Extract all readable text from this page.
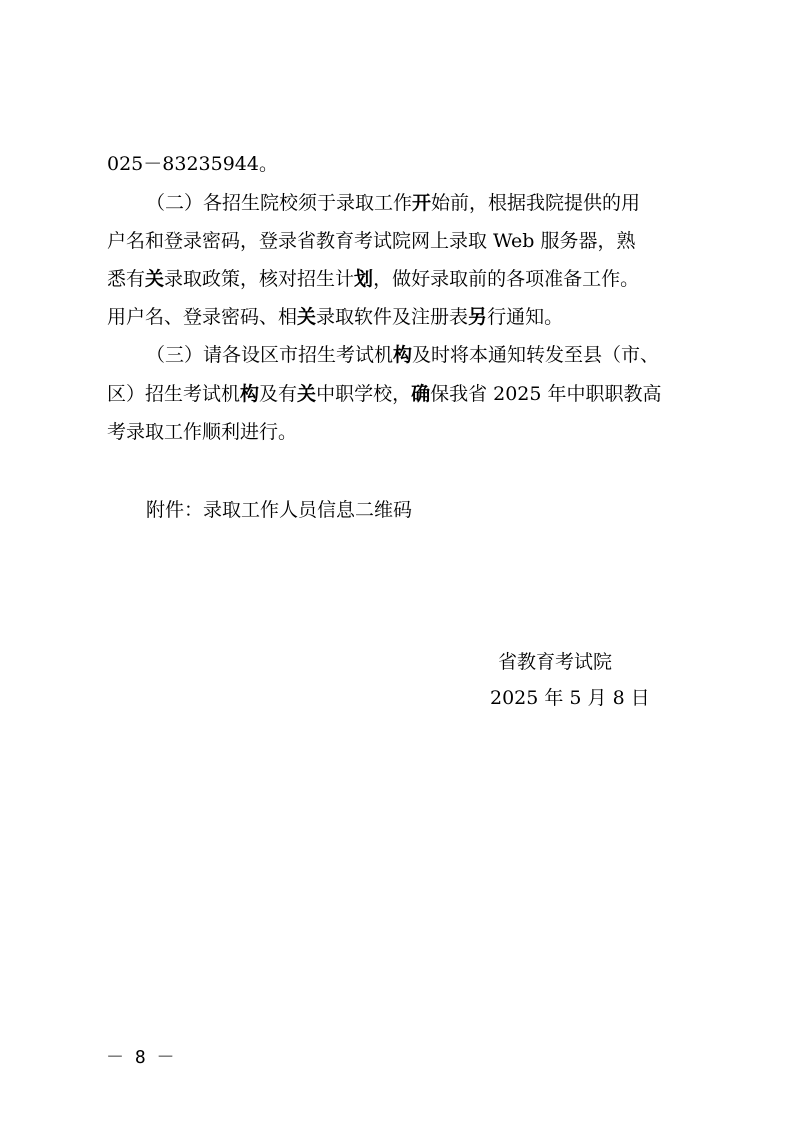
025－83235944。
（二）各招生院校须于录取工作开始前，根据我院提供的用
户名和登录密码，登录省教育考试院网上录取 Web 服务器，熟
悉有关录取政策，核对招生计划，做好录取前的各项准备工作。
用户名、登录密码、相关录取软件及注册表另行通知。
（三）请各设区市招生考试机构及时将本通知转发至县（市、
区）招生考试机构及有关中职学校，确保我省 2025 年中职职教高
考录取工作顺利进行。
附件：录取工作人员信息二维码
省教育考试院
2025 年 5 月 8 日
－ 8 －
